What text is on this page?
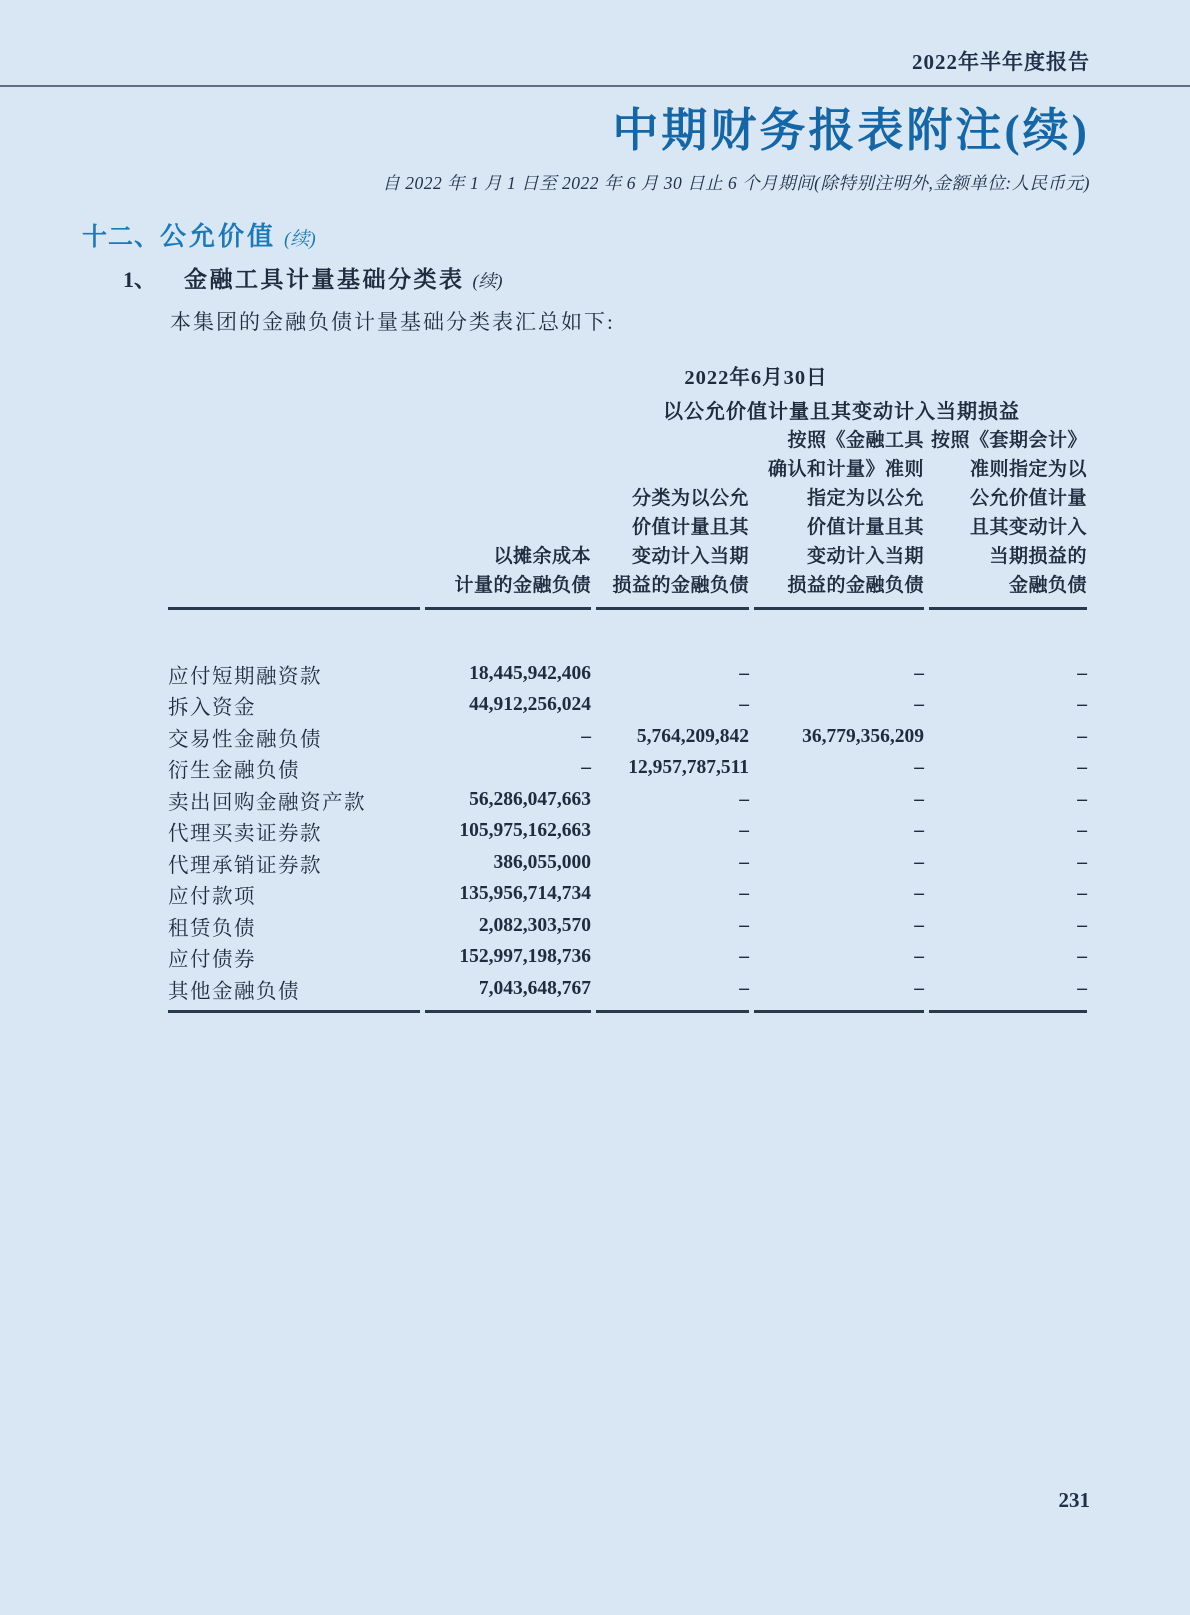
2022年半年度报告
中期财务报表附注(续)
自 2022 年 1 月 1 日至 2022 年 6 月 30 日止 6 个月期间(除特别注明外,金额单位:人民币元)
十二、公允价值 (续)
1、 金融工具计量基础分类表 (续)
本集团的金融负债计量基础分类表汇总如下:
	2022年6月30日			
		以公允价值计量且其变动计入当期损益		

以摊余成本
计量的金融负债

分类为以公允
价值计量且其
变动计入当期
损益的金融负债

按照《金融工具
确认和计量》准则
指定为以公允
价值计量且其
变动计入当期
损益的金融负债

按照《套期会计》
准则指定为以
公允价值计量
且其变动计入
当期损益的
金融负债

应付短期融资款	18,445,942,406	–	–	–
拆入资金	44,912,256,024	–	–	–
交易性金融负债	–	5,764,209,842	36,779,356,209	–
衍生金融负债	–	12,957,787,511	–	–
卖出回购金融资产款	56,286,047,663	–	–	–
代理买卖证券款	105,975,162,663	–	–	–
代理承销证券款	386,055,000	–	–	–
应付款项	135,956,714,734	–	–	–
租赁负债	2,082,303,570	–	–	–
应付债券	152,997,198,736	–	–	–
其他金融负债	7,043,648,767	–	–	–
231
